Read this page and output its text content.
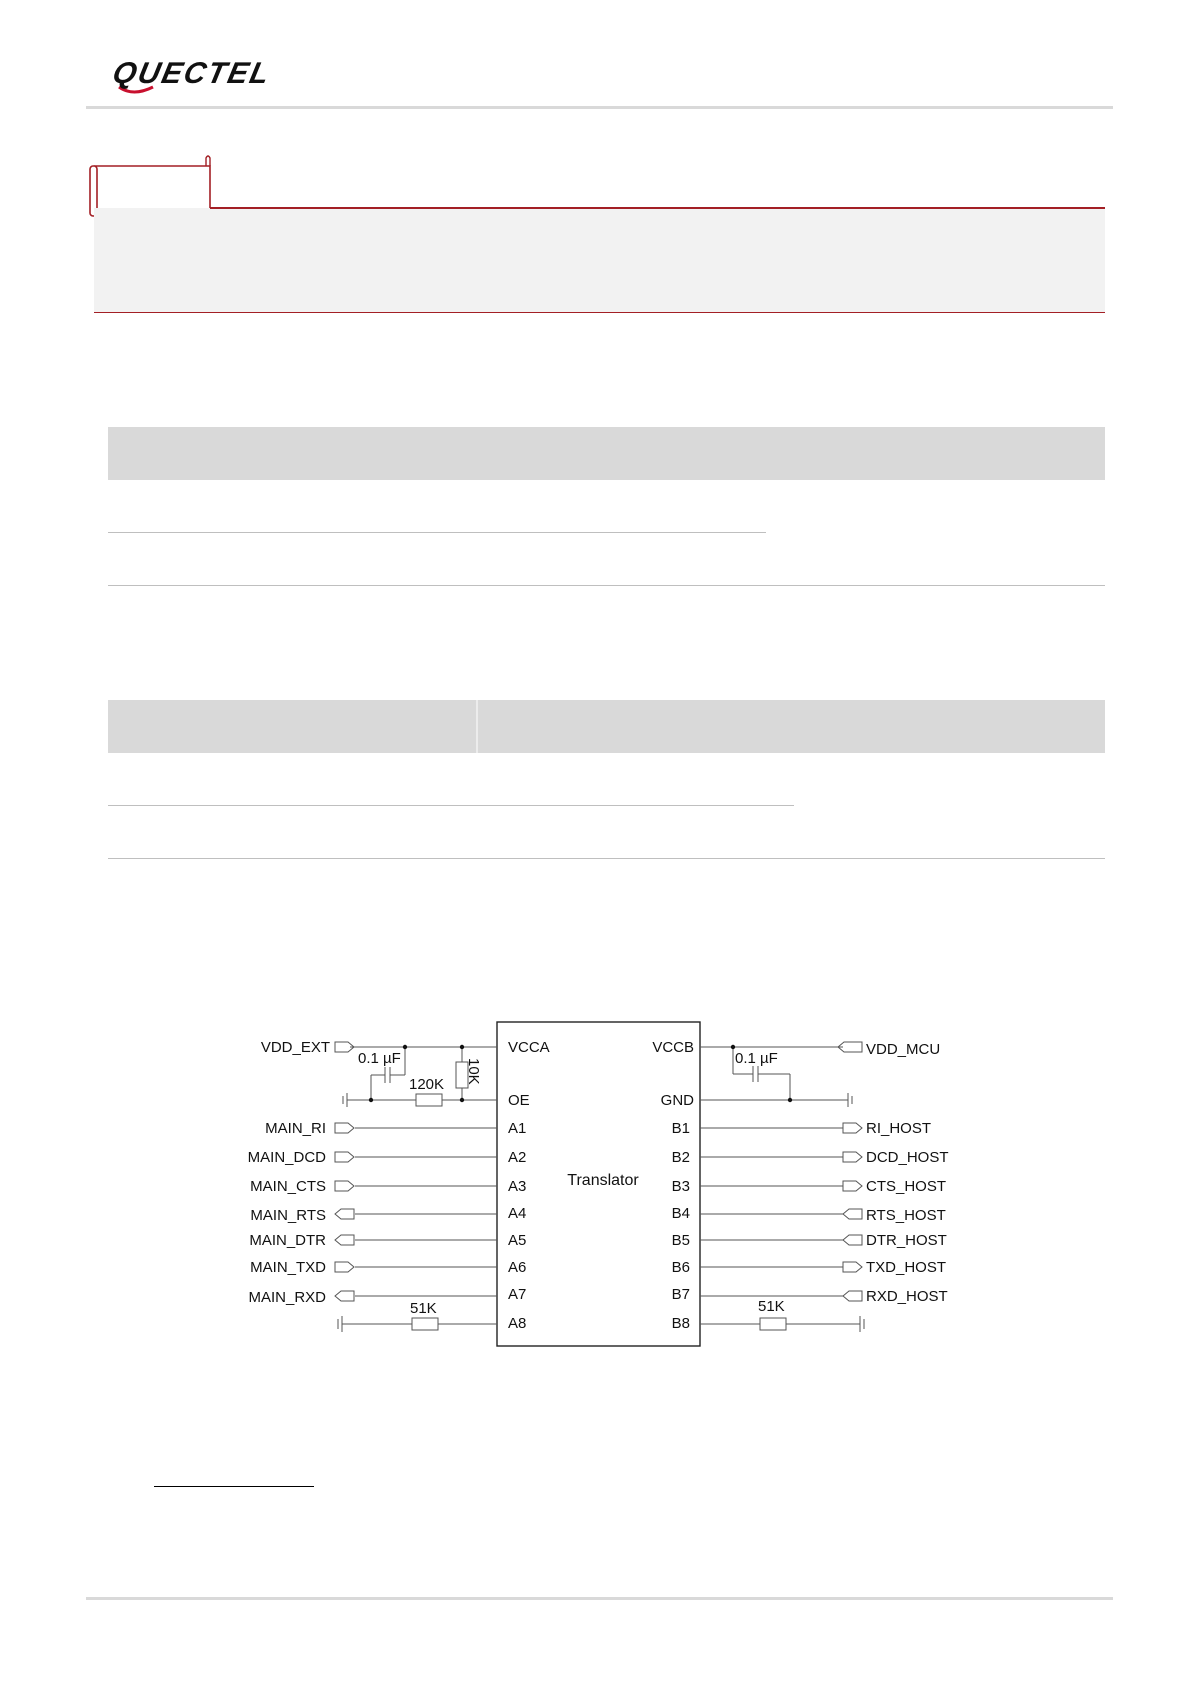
QUECTEL
Translator
VCCA
OE
A1
A2
A3
A4
A5
A6
A7
A8
VCCB
GND
B1
B2
B3
B4
B5
B6
B7
B8
VDD_EXT
MAIN_RI
MAIN_DCD
MAIN_CTS
MAIN_RTS
MAIN_DTR
MAIN_TXD
MAIN_RXD
VDD_MCU
RI_HOST
DCD_HOST
CTS_HOST
RTS_HOST
DTR_HOST
TXD_HOST
RXD_HOST
0.1 µF	0.1 µF
120K 10K
51K	51K
